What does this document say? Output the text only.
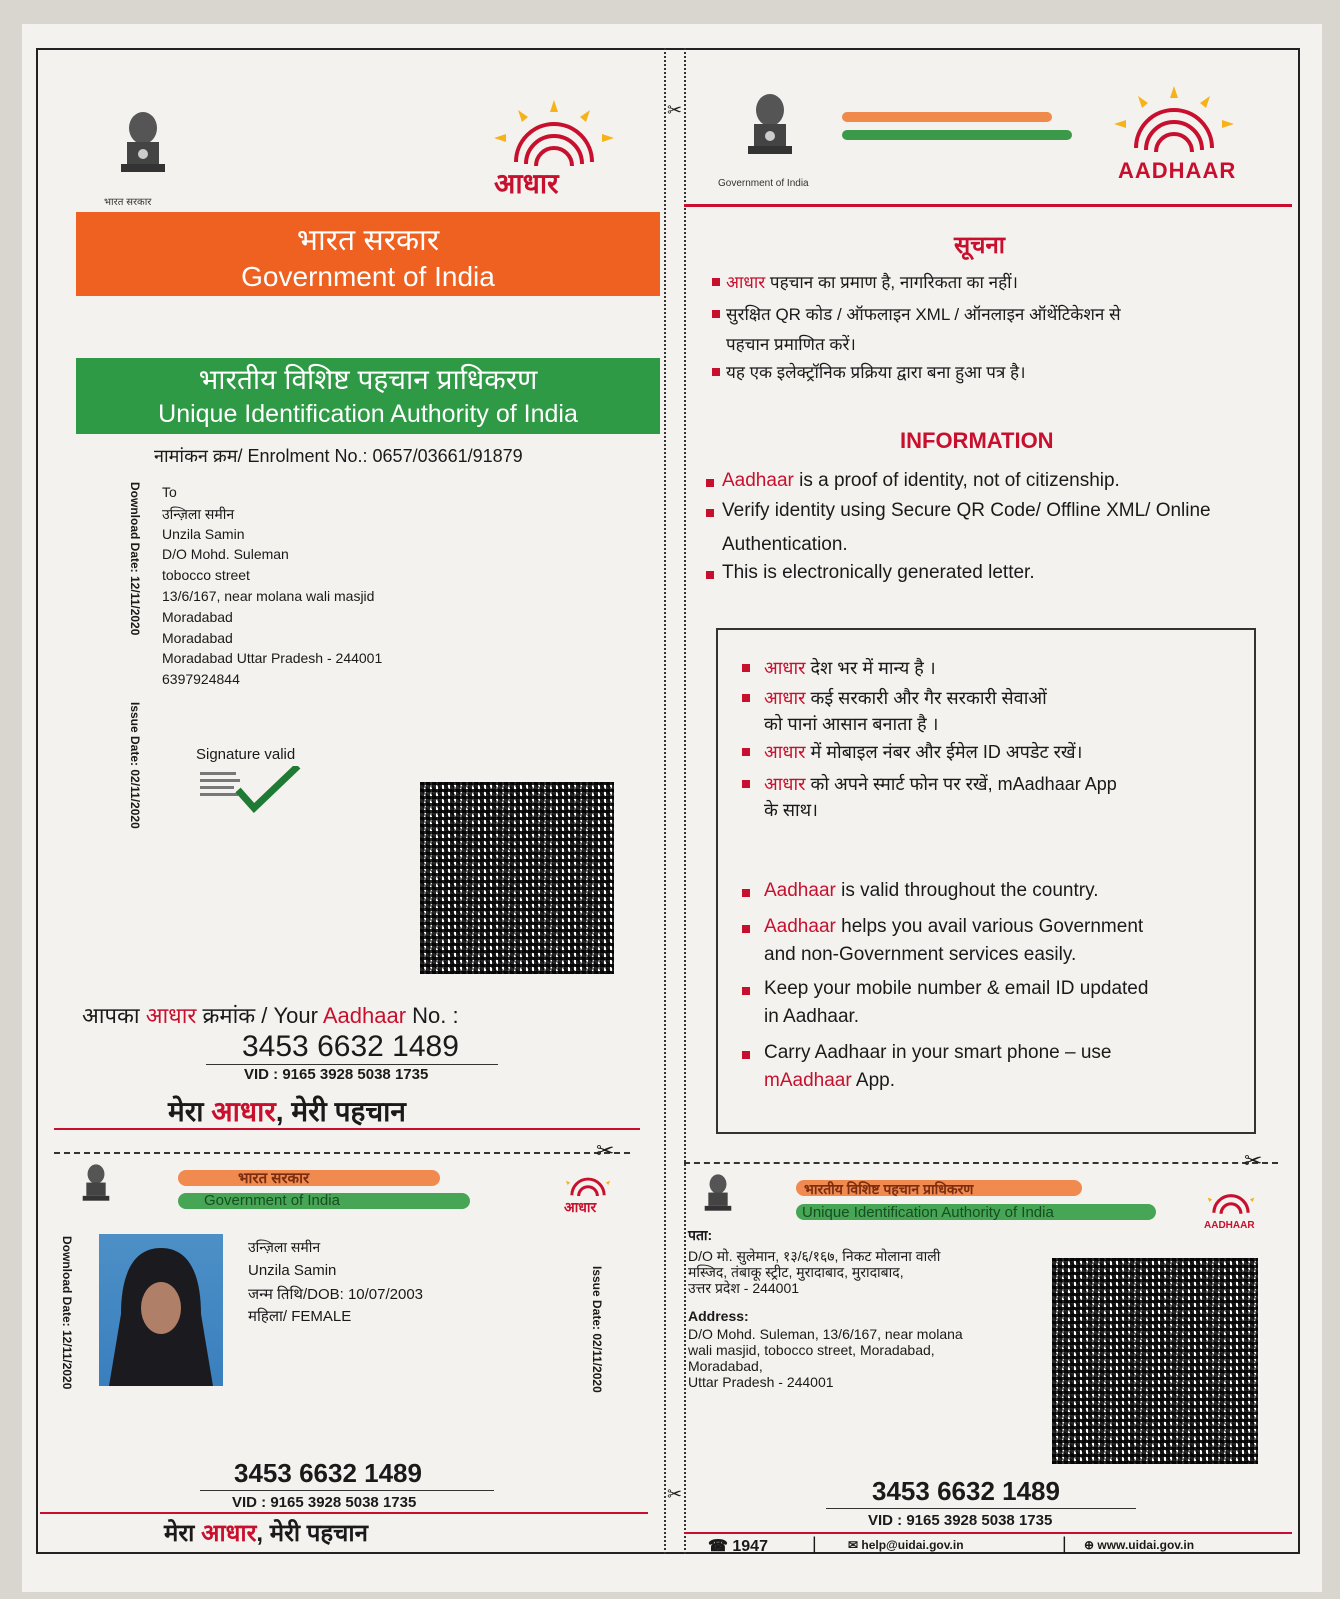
✂
✂
भारत सरकार
आधार
भारत सरकार
Government of India
भारतीय विशिष्ट पहचान प्राधिकरण
Unique Identification Authority of India
नामांकन क्रम/ Enrolment No.: 0657/03661/91879
Download Date: 12/11/2020
Issue Date: 02/11/2020
To
उन्ज़िला समीन
Unzila Samin
D/O Mohd. Suleman
tobocco street
13/6/167, near molana wali masjid
Moradabad
Moradabad
Moradabad Uttar Pradesh - 244001
6397924844
Signature valid
आपका आधार क्रमांक / Your Aadhaar No. :
3453 6632 1489
VID : 9165 3928 5038 1735
मेरा आधार, मेरी पहचान
Government of India
AADHAAR
सूचना
आधार पहचान का प्रमाण है, नागरिकता का नहीं।
सुरक्षित QR कोड / ऑफलाइन XML / ऑनलाइन ऑथेंटिकेशन से
पहचान प्रमाणित करें।
यह एक इलेक्ट्रॉनिक प्रक्रिया द्वारा बना हुआ पत्र है।
INFORMATION
Aadhaar is a proof of identity, not of citizenship.
Verify identity using Secure QR Code/ Offline XML/ Online
Authentication.
This is electronically generated letter.
आधार देश भर में मान्य है ।
आधार कई सरकारी और गैर सरकारी सेवाओं
को पानां आसान बनाता है ।
आधार में मोबाइल नंबर और ईमेल ID अपडेट रखें।
आधार को अपने स्मार्ट फोन पर रखें, mAadhaar App
के साथ।
Aadhaar is valid throughout the country.
Aadhaar helps you avail various Government
and non-Government services easily.
Keep your mobile number & email ID updated
in Aadhaar.
Carry Aadhaar in your smart phone – use
mAadhaar App.
✂	✂
भारत सरकार
Government of India	आधार
Download Date: 12/11/2020	Issue Date: 02/11/2020
उन्ज़िला समीन
Unzila Samin
जन्म तिथि/DOB: 10/07/2003
महिला/ FEMALE
3453 6632 1489
VID : 9165 3928 5038 1735
मेरा आधार, मेरी पहचान
भारतीय विशिष्ट पहचान प्राधिकरण
Unique Identification Authority of India
AADHAAR
पता:
D/O मो. सुलेमान, १३/६/१६७, निकट मोलाना वाली
मस्जिद, तंबाकू स्ट्रीट, मुरादाबाद, मुरादाबाद,
उत्तर प्रदेश - 244001
Address:
D/O Mohd. Suleman, 13/6/167, near molana
wali masjid, tobocco street, Moradabad,
Moradabad,
Uttar Pradesh - 244001
3453 6632 1489
VID : 9165 3928 5038 1735
☎ 1947 |	✉ help@uidai.gov.in	| ⊕ www.uidai.gov.in
